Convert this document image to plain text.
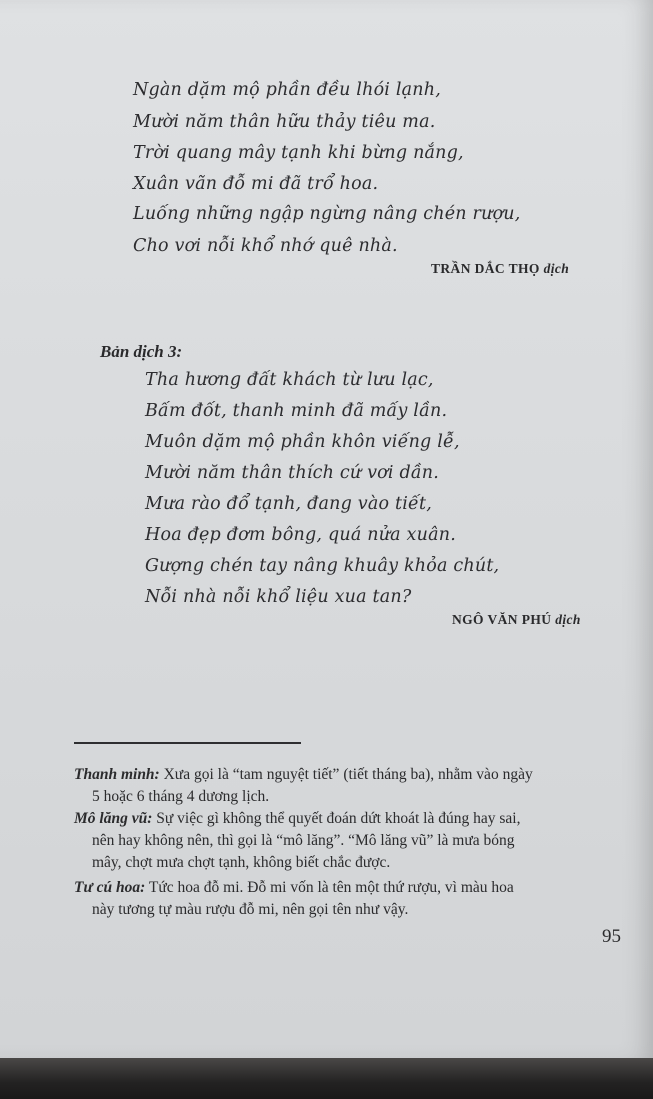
Ngàn dặm mộ phần đều lhói lạnh,
Mười năm thân hữu thảy tiêu ma.
Trời quang mây tạnh khi bừng nắng,
Xuân vãn đỗ mi đã trổ hoa.
Luống những ngập ngừng nâng chén rượu,
Cho vơi nỗi khổ nhớ quê nhà.
TRẦN DẮC THỌ dịch
Bản dịch 3:
Tha hương đất khách từ lưu lạc,
Bấm đốt, thanh minh đã mấy lần.
Muôn dặm mộ phần khôn viếng lễ,
Mười năm thân thích cứ vơi dần.
Mưa rào đổ tạnh, đang vào tiết,
Hoa đẹp đơm bông, quá nửa xuân.
Gượng chén tay nâng khuây khỏa chút,
Nỗi nhà nỗi khổ liệu xua tan?
NGÔ VĂN PHÚ dịch
Thanh minh: Xưa gọi là “tam nguyệt tiết” (tiết tháng ba), nhằm vào ngày
5 hoặc 6 tháng 4 dương lịch.
Mô lăng vũ: Sự việc gì không thể quyết đoán dứt khoát là đúng hay sai,
nên hay không nên, thì gọi là “mô lăng”. “Mô lăng vũ” là mưa bóng
mây, chợt mưa chợt tạnh, không biết chắc được.
Tư cú hoa: Tức hoa đỗ mi. Đỗ mi vốn là tên một thứ rượu, vì màu hoa
này tương tự màu rượu đỗ mi, nên gọi tên như vậy.
95
